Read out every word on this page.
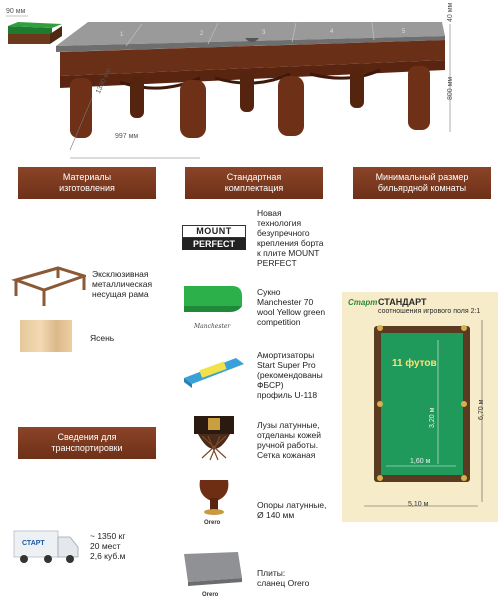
90 мм
1	2	3	4	5
997 мм
1390 мм
40 мм
800 мм
Материалы
изготовления
Стандартная
комплектация
Минимальный размер
бильярдной комнаты
Сведения для
транспортировки
Эксклюзивная
металлическая
несущая рама
Ясень
СТАРТ
~ 1350 кг
20 мест
2,6 куб.м
MOUNT
PERFECT
Новая
технология
безупречного
крепления борта
к плите MOUNT
PERFECT
Manchester
Сукно
Manchester 70
wool Yellow green
competition
Амортизаторы
Start Super Pro
(рекомендованы
ФБСР)
профиль U-118
Лузы латунные,
отделаны кожей
ручной работы.
Сетка кожаная
Orero
Опоры латунные,
Ø 140 мм
Orero
Плиты:
сланец Orero
Старт СТАНДАРТ
соотношения игрового поля 2:1
11 футов
3,20 м
1,60 м
5,10 м
6,70 м
